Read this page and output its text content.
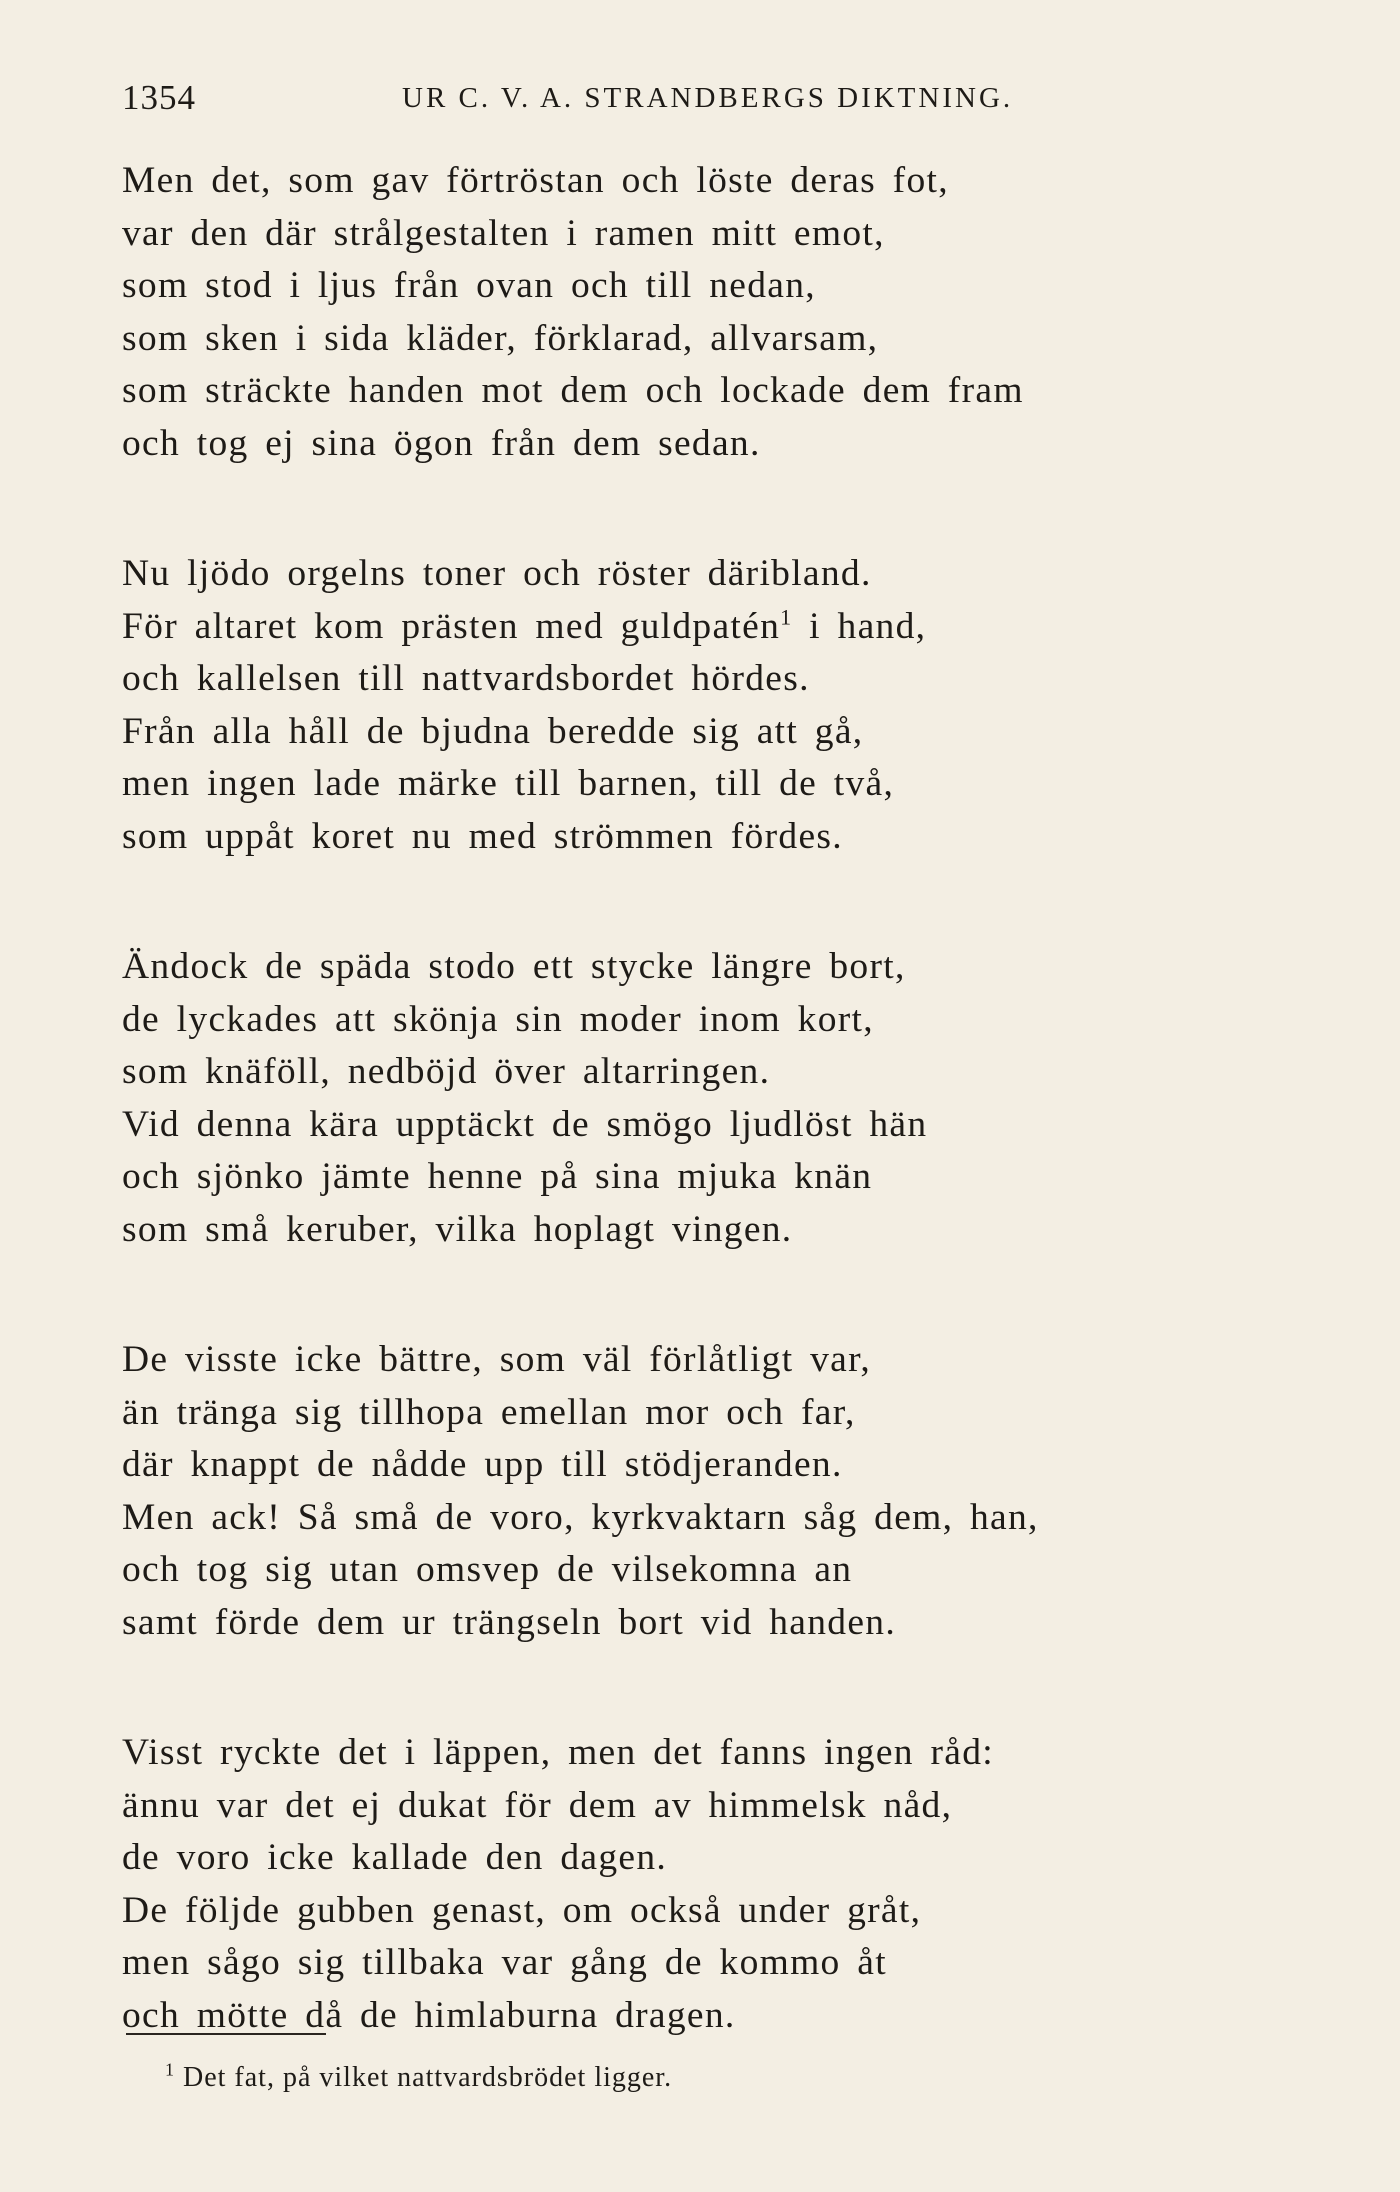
1354	UR C. V. A. STRANDBERGS DIKTNING.
Men det, som gav förtröstan och löste deras fot,
var den där strålgestalten i ramen mitt emot,
som stod i ljus från ovan och till nedan,
som sken i sida kläder, förklarad, allvarsam,
som sträckte handen mot dem och lockade dem fram
och tog ej sina ögon från dem sedan.
Nu ljödo orgelns toner och röster däribland.
För altaret kom prästen med guldpatén$^1$ i hand,
och kallelsen till nattvardsbordet hördes.
Från alla håll de bjudna beredde sig att gå,
men ingen lade märke till barnen, till de två,
som uppåt koret nu med strömmen fördes.
Ändock de späda stodo ett stycke längre bort,
de lyckades att skönja sin moder inom kort,
som knäföll, nedböjd över altarringen.
Vid denna kära upptäckt de smögo ljudlöst hän
och sjönko jämte henne på sina mjuka knän
som små keruber, vilka hoplagt vingen.
De visste icke bättre, som väl förlåtligt var,
än tränga sig tillhopa emellan mor och far,
där knappt de nådde upp till stödjeranden.
Men ack! Så små de voro, kyrkvaktarn såg dem, han,
och tog sig utan omsvep de vilsekomna an
samt förde dem ur trängseln bort vid handen.
Visst ryckte det i läppen, men det fanns ingen råd:
ännu var det ej dukat för dem av himmelsk nåd,
de voro icke kallade den dagen.
De följde gubben genast, om också under gråt,
men sågo sig tillbaka var gång de kommo åt
och mötte då de himlaburna dragen.
$^1$ Det fat, på vilket nattvardsbrödet ligger.
